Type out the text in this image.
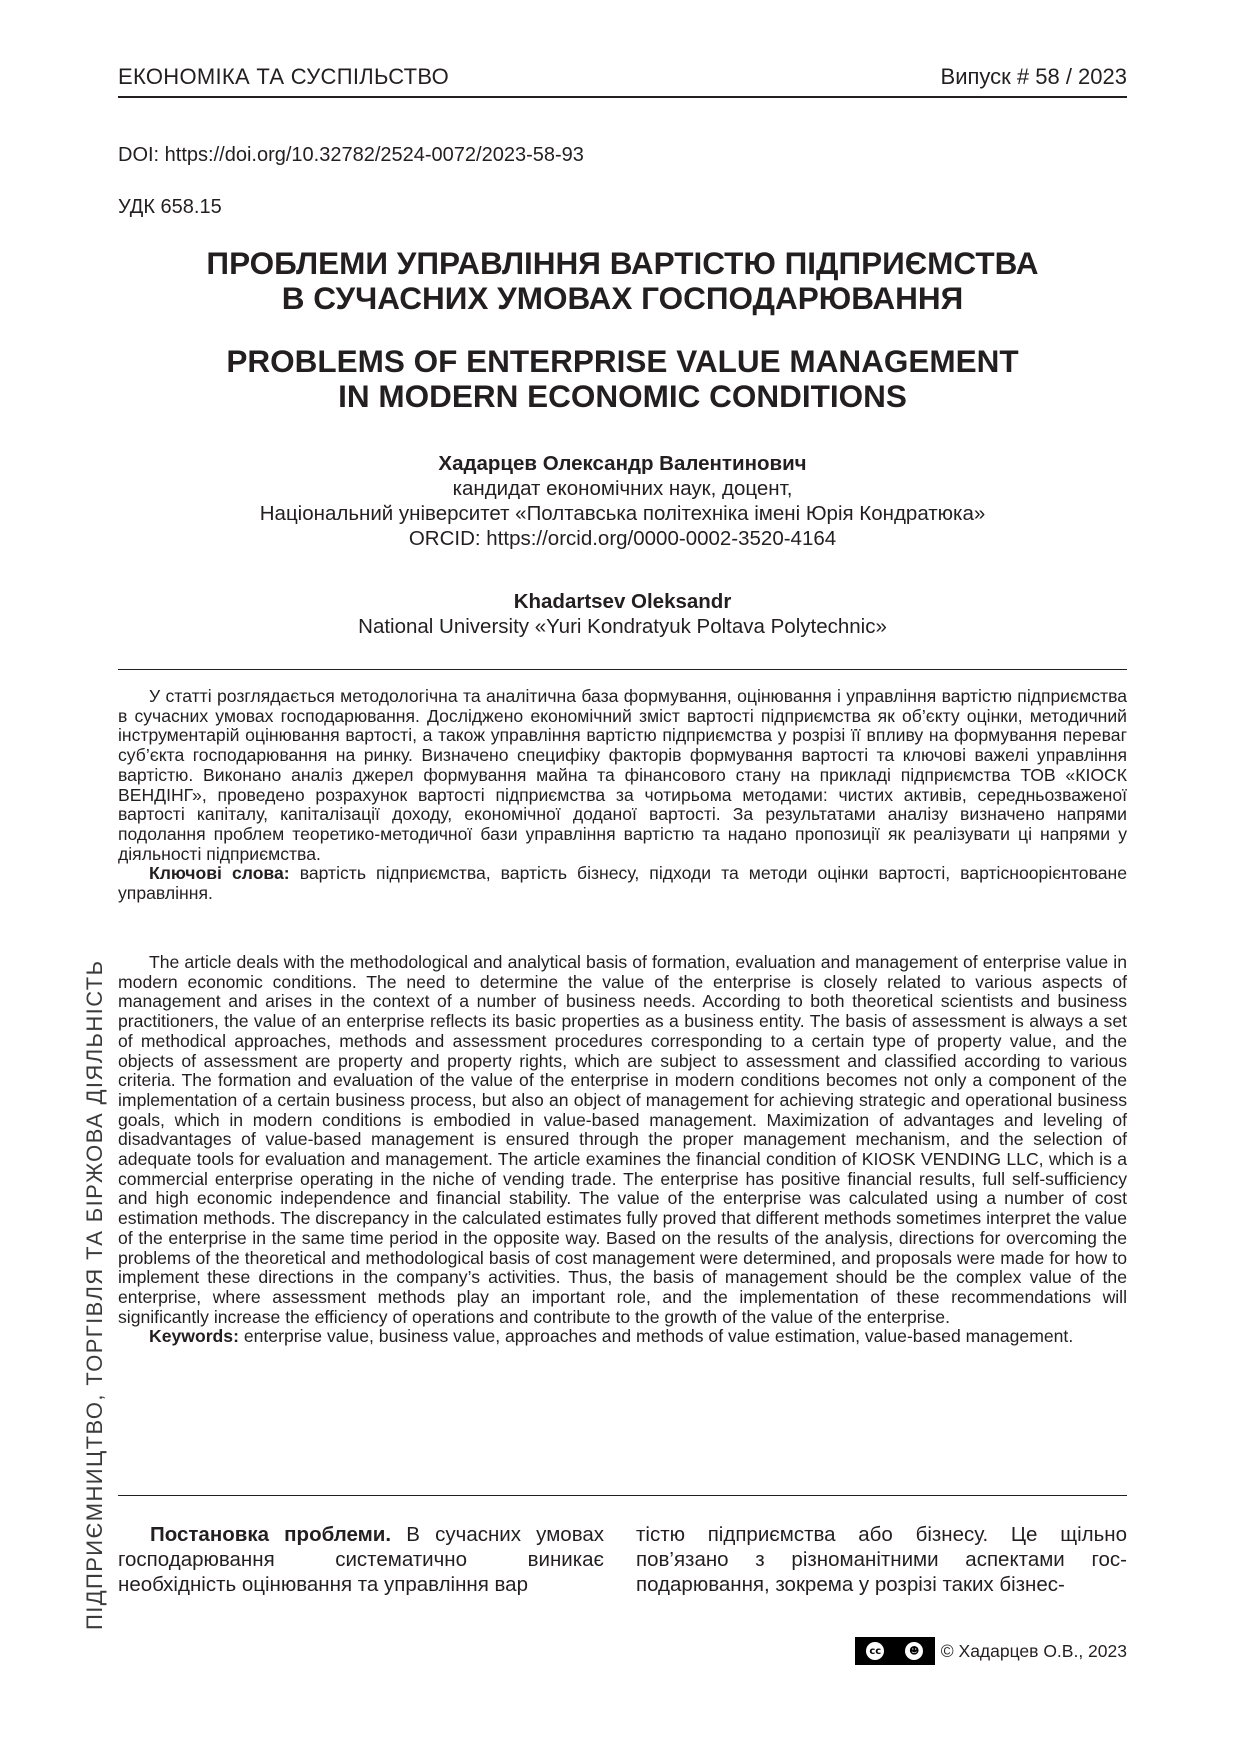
ЕКОНОМІКА ТА СУСПІЛЬСТВО	Випуск # 58 / 2023
DOI: https://doi.org/10.32782/2524-0072/2023-58-93
УДК 658.15
ПРОБЛЕМИ УПРАВЛІННЯ ВАРТІСТЮ ПІДПРИЄМСТВА
В СУЧАСНИХ УМОВАХ ГОСПОДАРЮВАННЯ
PROBLEMS OF ENTERPRISE VALUE MANAGEMENT
IN MODERN ECONOMIC CONDITIONS
Хадарцев Олександр Валентинович
кандидат економічних наук, доцент,
Національний університет «Полтавська політехніка імені Юрія Кондратюка»
ORCID: https://orcid.org/0000-0002-3520-4164
Khadartsev Oleksandr
National University «Yuri Kondratyuk Poltava Polytechnic»

У статті розглядається методологічна та аналітична база формування, оцінювання і управління вартістю підприємства в сучасних умовах господарювання. Досліджено економічний зміст вартості підприємства як об’єкту оцінки, методичний інструментарій оцінювання вартості, а також управління вартістю підприємства у розрізі її впливу на формування переваг суб’єкта господарювання на ринку. Визначено специфіку факторів формування вартості та ключові важелі управління вартістю. Виконано аналіз джерел формування майна та фінансового стану на прикладі підприємства ТОВ «КІОСК ВЕНДІНГ», проведено розрахунок вартості підприємства за чотирьома методами: чистих активів, середньозваженої вартості капіталу, капіталізації доходу, економічної доданої вартості. За результатами аналізу визначено напрями подолання проблем теоретико-методичної бази управління вартістю та надано пропозиції як реалізувати ці напрями у діяльності підприємства.

Ключові слова: вартість підприємства, вартість бізнесу, підходи та методи оцінки вартості, вартісноорієнтоване управління.

The article deals with the methodological and analytical basis of formation, evaluation and management of enterprise value in modern economic conditions. The need to determine the value of the enterprise is closely related to various aspects of management and arises in the context of a number of business needs. According to both theoretical scientists and business practitioners, the value of an enterprise reflects its basic properties as a business entity. The basis of assessment is always a set of methodical approaches, methods and assessment procedures corresponding to a certain type of property value, and the objects of assessment are property and property rights, which are subject to assessment and classified according to various criteria. The formation and evaluation of the value of the enterprise in modern conditions becomes not only a component of the implementation of a certain business process, but also an object of management for achieving strategic and operational business goals, which in modern conditions is embodied in value-based management. Maximization of advantages and leveling of disadvantages of value-based management is ensured through the proper management mechanism, and the selection of adequate tools for evaluation and management. The article examines the financial condition of KIOSK VENDING LLC, which is a commercial enterprise operating in the niche of vending trade. The enterprise has positive financial results, full self-sufficiency and high economic independence and financial stability. The value of the enterprise was calculated using a number of cost estimation methods. The discrepancy in the calculated estimates fully proved that different methods sometimes interpret the value of the enterprise in the same time period in the opposite way. Based on the results of the analysis, directions for overcoming the problems of the theoretical and methodological basis of cost management were determined, and proposals were made for how to implement these directions in the company’s activities. Thus, the basis of management should be the complex value of the enterprise, where assessment methods play an important role, and the implementation of these recommendations will significantly increase the efficiency of operations and contribute to the growth of the value of the enterprise.

Keywords: enterprise value, business value, approaches and methods of value estimation, value-based management.

ПІДПРИЄМНИЦТВО, ТОРГІВЛЯ ТА БІРЖОВА ДІЯЛЬНІСТЬ	Постановка проблеми. В сучасних умовах господарювання систематично виникає необхідність оцінювання та управління вар

тістю підприємства або бізнесу. Це щільно пов’язано з різноманітними аспектами господарювання, зокрема у розрізі таких бізнес-

cc	☻ © Хадарцев О.В., 2023
